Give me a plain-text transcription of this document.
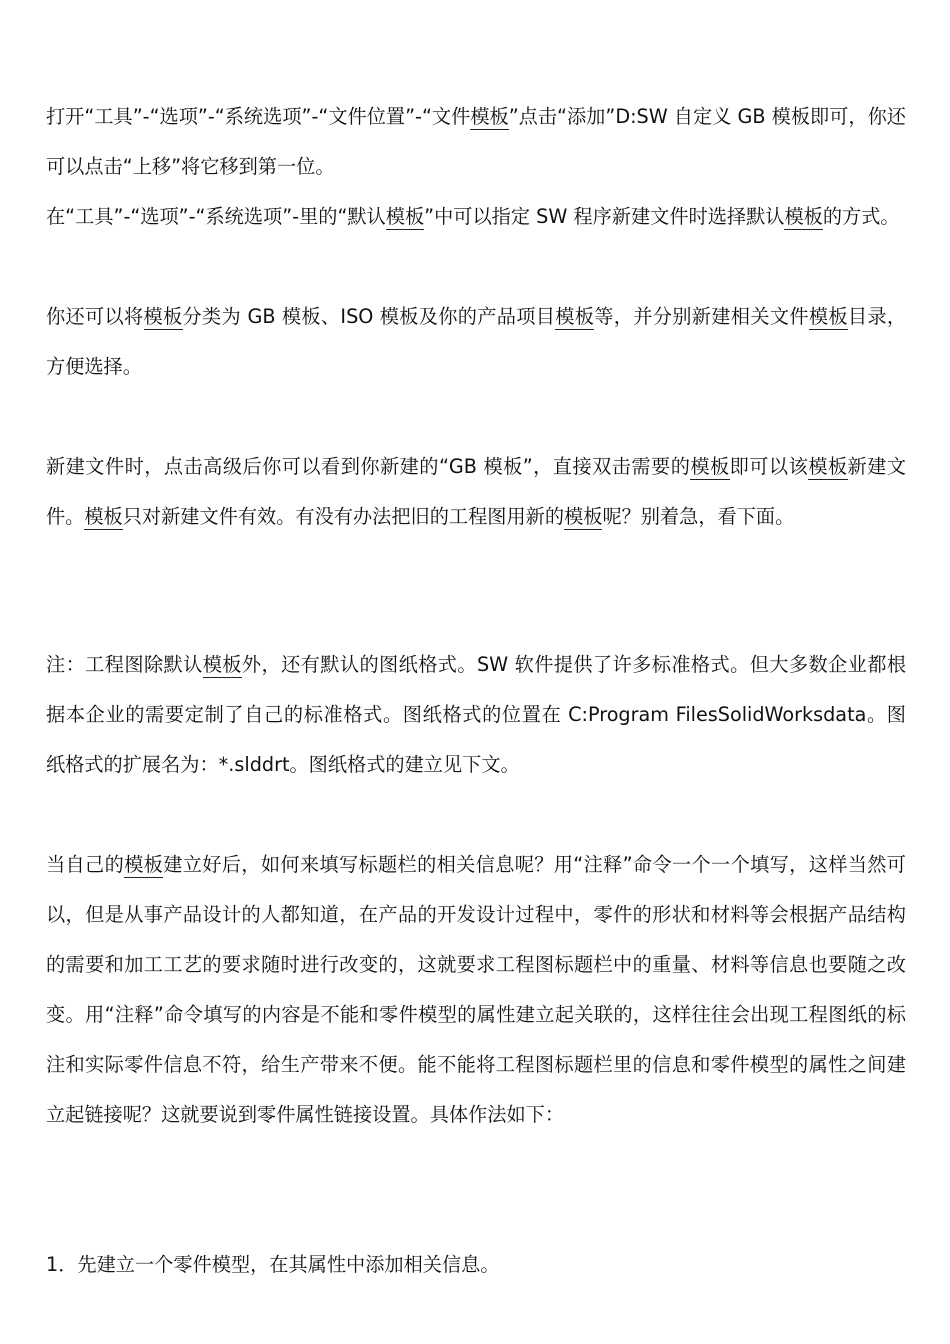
打开“工具”-“选项”-“系统选项”-“文件位置”-“文件模板”点击“添加”D:SW 自定义 GB 模板即可，你还可以点击“上移”将它移到第一位。

在“工具”-“选项”-“系统选项”-里的“默认模板”中可以指定 SW 程序新建文件时选择默认模板的方式。

你还可以将模板分类为 GB 模板、ISO 模板及你的产品项目模板等，并分别新建相关文件模板目录，方便选择。

新建文件时，点击高级后你可以看到你新建的“GB 模板”，直接双击需要的模板即可以该模板新建文件。模板只对新建文件有效。有没有办法把旧的工程图用新的模板呢？别着急，看下面。

注：工程图除默认模板外，还有默认的图纸格式。SW 软件提供了许多标准格式。但大多数企业都根据本企业的需要定制了自己的标准格式。图纸格式的位置在 C:Program FilesSolidWorksdata。图纸格式的扩展名为：*.slddrt。图纸格式的建立见下文。

当自己的模板建立好后，如何来填写标题栏的相关信息呢？用“注释”命令一个一个填写，这样当然可以，但是从事产品设计的人都知道，在产品的开发设计过程中，零件的形状和材料等会根据产品结构的需要和加工工艺的要求随时进行改变的，这就要求工程图标题栏中的重量、材料等信息也要随之改变。用“注释”命令填写的内容是不能和零件模型的属性建立起关联的，这样往往会出现工程图纸的标注和实际零件信息不符，给生产带来不便。能不能将工程图标题栏里的信息和零件模型的属性之间建立起链接呢？这就要说到零件属性链接设置。具体作法如下：

1．先建立一个零件模型，在其属性中添加相关信息。
